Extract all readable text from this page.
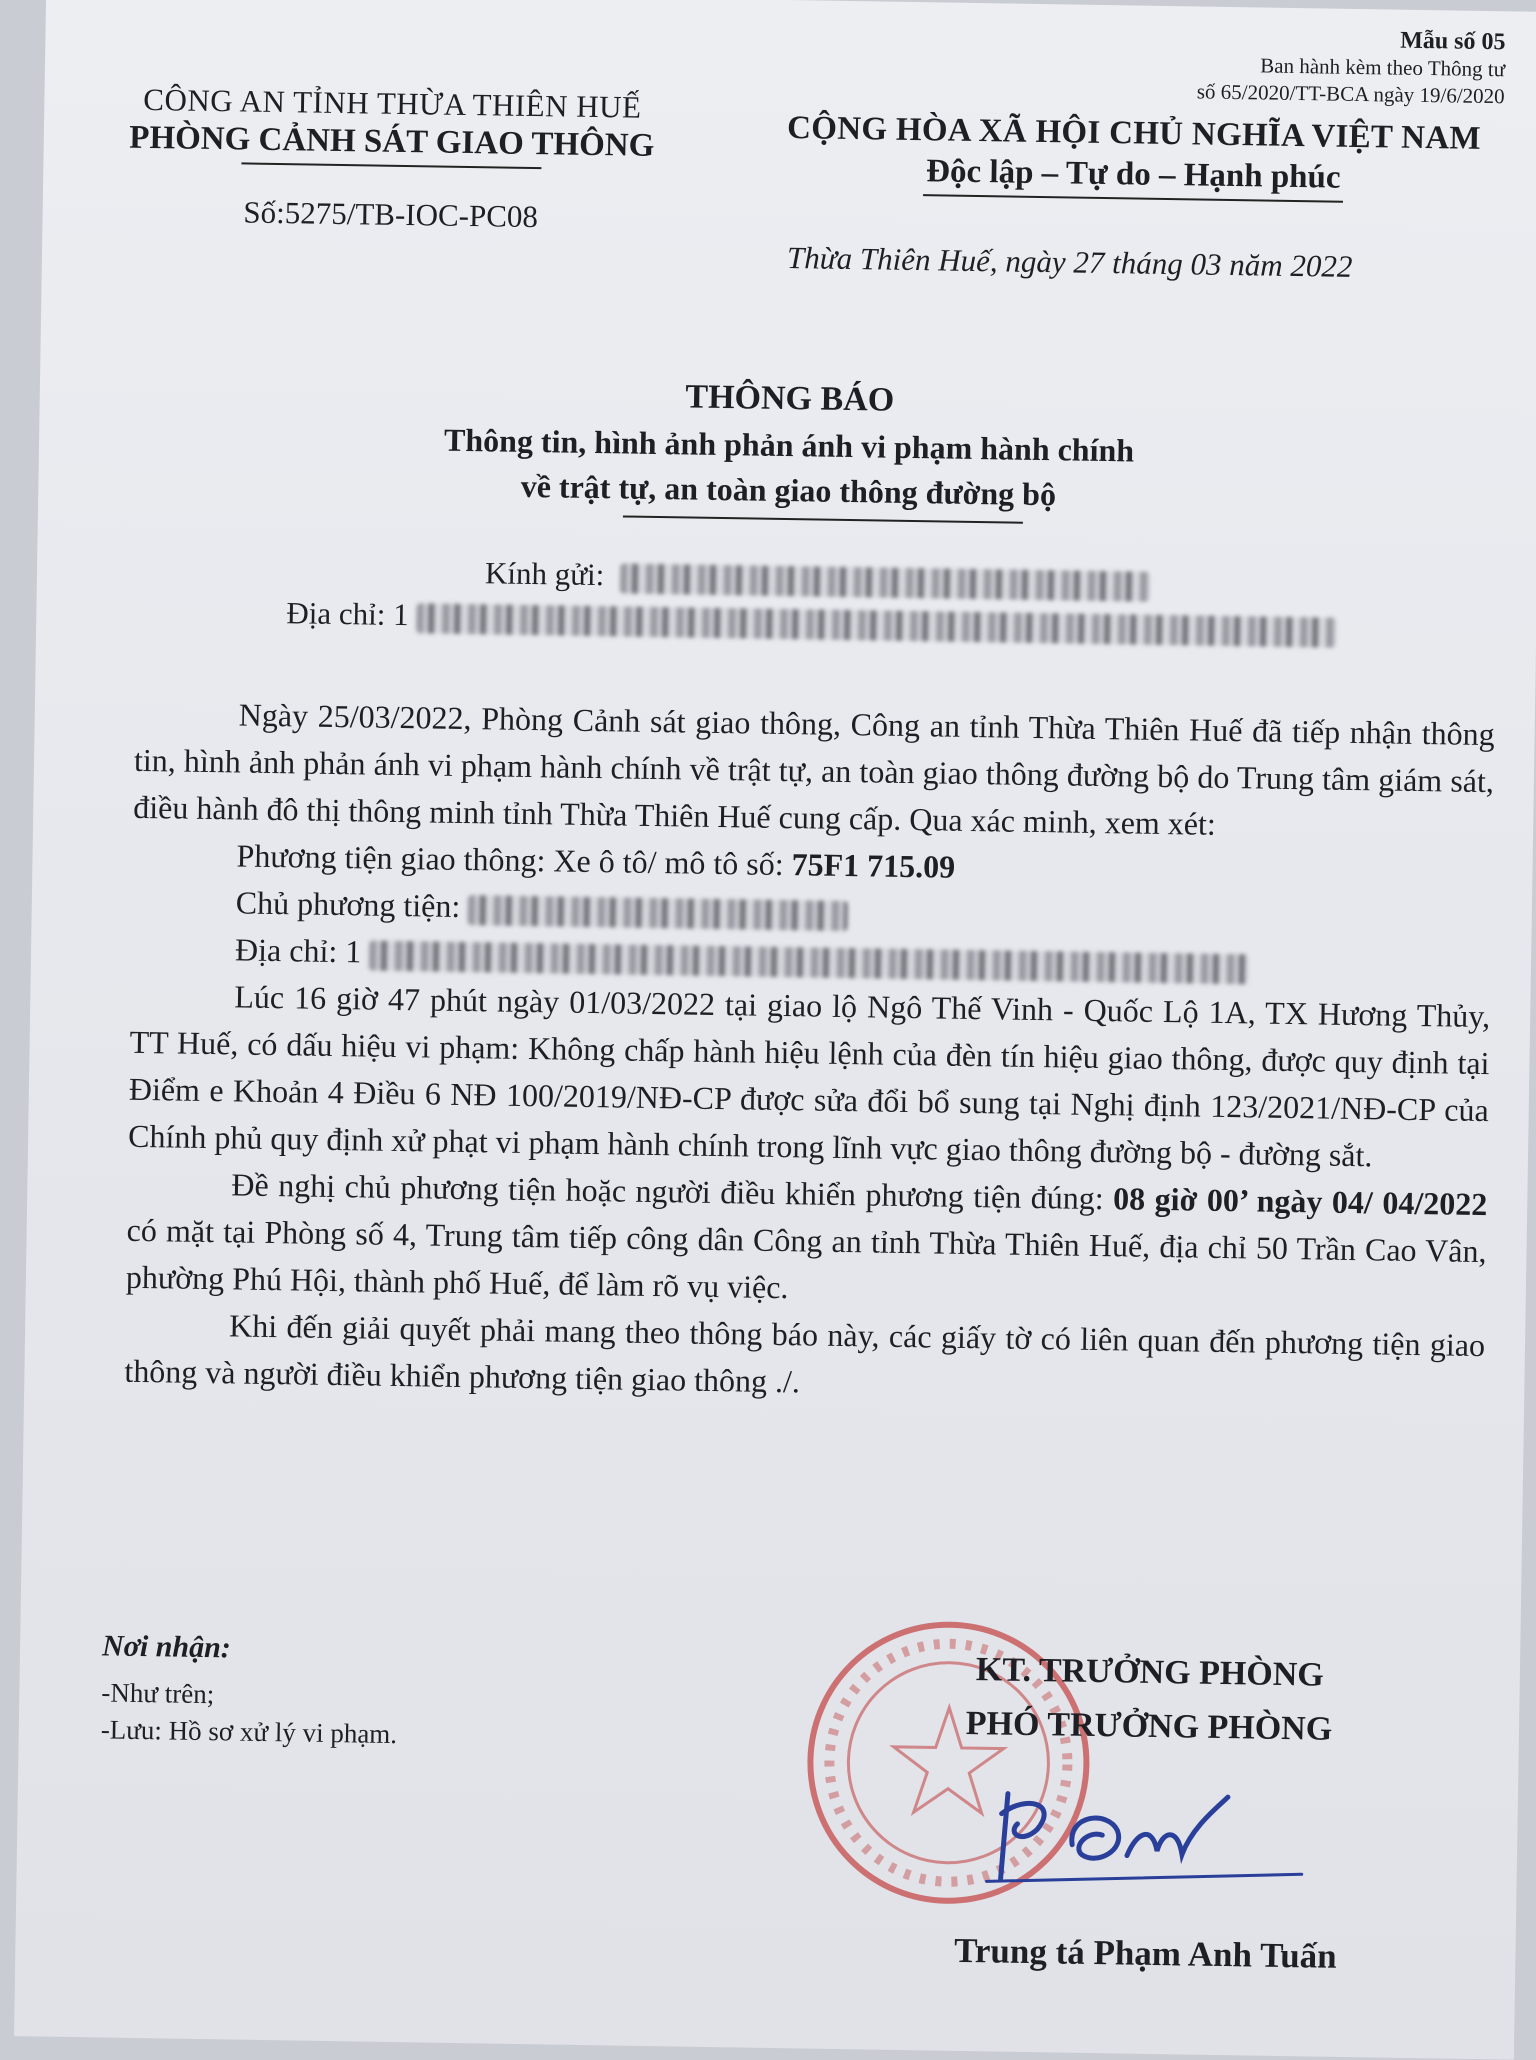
Mẫu số 05
Ban hành kèm theo Thông tư
số 65/2020/TT-BCA ngày 19/6/2020
CÔNG AN TỈNH THỪA THIÊN HUẾ
PHÒNG CẢNH SÁT GIAO THÔNG
Số:5275/TB-IOC-PC08
CỘNG HÒA XÃ HỘI CHỦ NGHĨA VIỆT NAM
Độc lập – Tự do – Hạnh phúc
Thừa Thiên Huế, ngày 27 tháng 03 năm 2022
THÔNG BÁO
Thông tin, hình ảnh phản ánh vi phạm hành chính
về trật tự, an toàn giao thông đường bộ
Kính gửi:
Địa chỉ: 1

Ngày 25/03/2022, Phòng Cảnh sát giao thông, Công an tỉnh Thừa Thiên Huế đã tiếp nhận thông tin, hình ảnh phản ánh vi phạm hành chính về trật tự, an toàn giao thông đường bộ do Trung tâm giám sát, điều hành đô thị thông minh tỉnh Thừa Thiên Huế cung cấp. Qua xác minh, xem xét:

Phương tiện giao thông: Xe ô tô/ mô tô số: 75F1 715.09

Chủ phương tiện:

Địa chỉ: 1

Lúc 16 giờ 47 phút ngày 01/03/2022 tại giao lộ Ngô Thế Vinh - Quốc Lộ 1A, TX Hương Thủy, TT Huế, có dấu hiệu vi phạm: Không chấp hành hiệu lệnh của đèn tín hiệu giao thông, được quy định tại Điểm e Khoản 4 Điều 6 NĐ 100/2019/NĐ-CP được sửa đổi bổ sung tại Nghị định 123/2021/NĐ-CP của Chính phủ quy định xử phạt vi phạm hành chính trong lĩnh vực giao thông đường bộ - đường sắt.

Đề nghị chủ phương tiện hoặc người điều khiển phương tiện đúng: 08 giờ 00’ ngày 04/ 04/2022 có mặt tại Phòng số 4, Trung tâm tiếp công dân Công an tỉnh Thừa Thiên Huế, địa chỉ 50 Trần Cao Vân, phường Phú Hội, thành phố Huế, để làm rõ vụ việc.

Khi đến giải quyết phải mang theo thông báo này, các giấy tờ có liên quan đến phương tiện giao thông và người điều khiển phương tiện giao thông ./.

Nơi nhận:
-Như trên;
-Lưu: Hồ sơ xử lý vi phạm.
KT. TRƯỞNG PHÒNG
PHÓ TRƯỞNG PHÒNG
Trung tá Phạm Anh Tuấn
